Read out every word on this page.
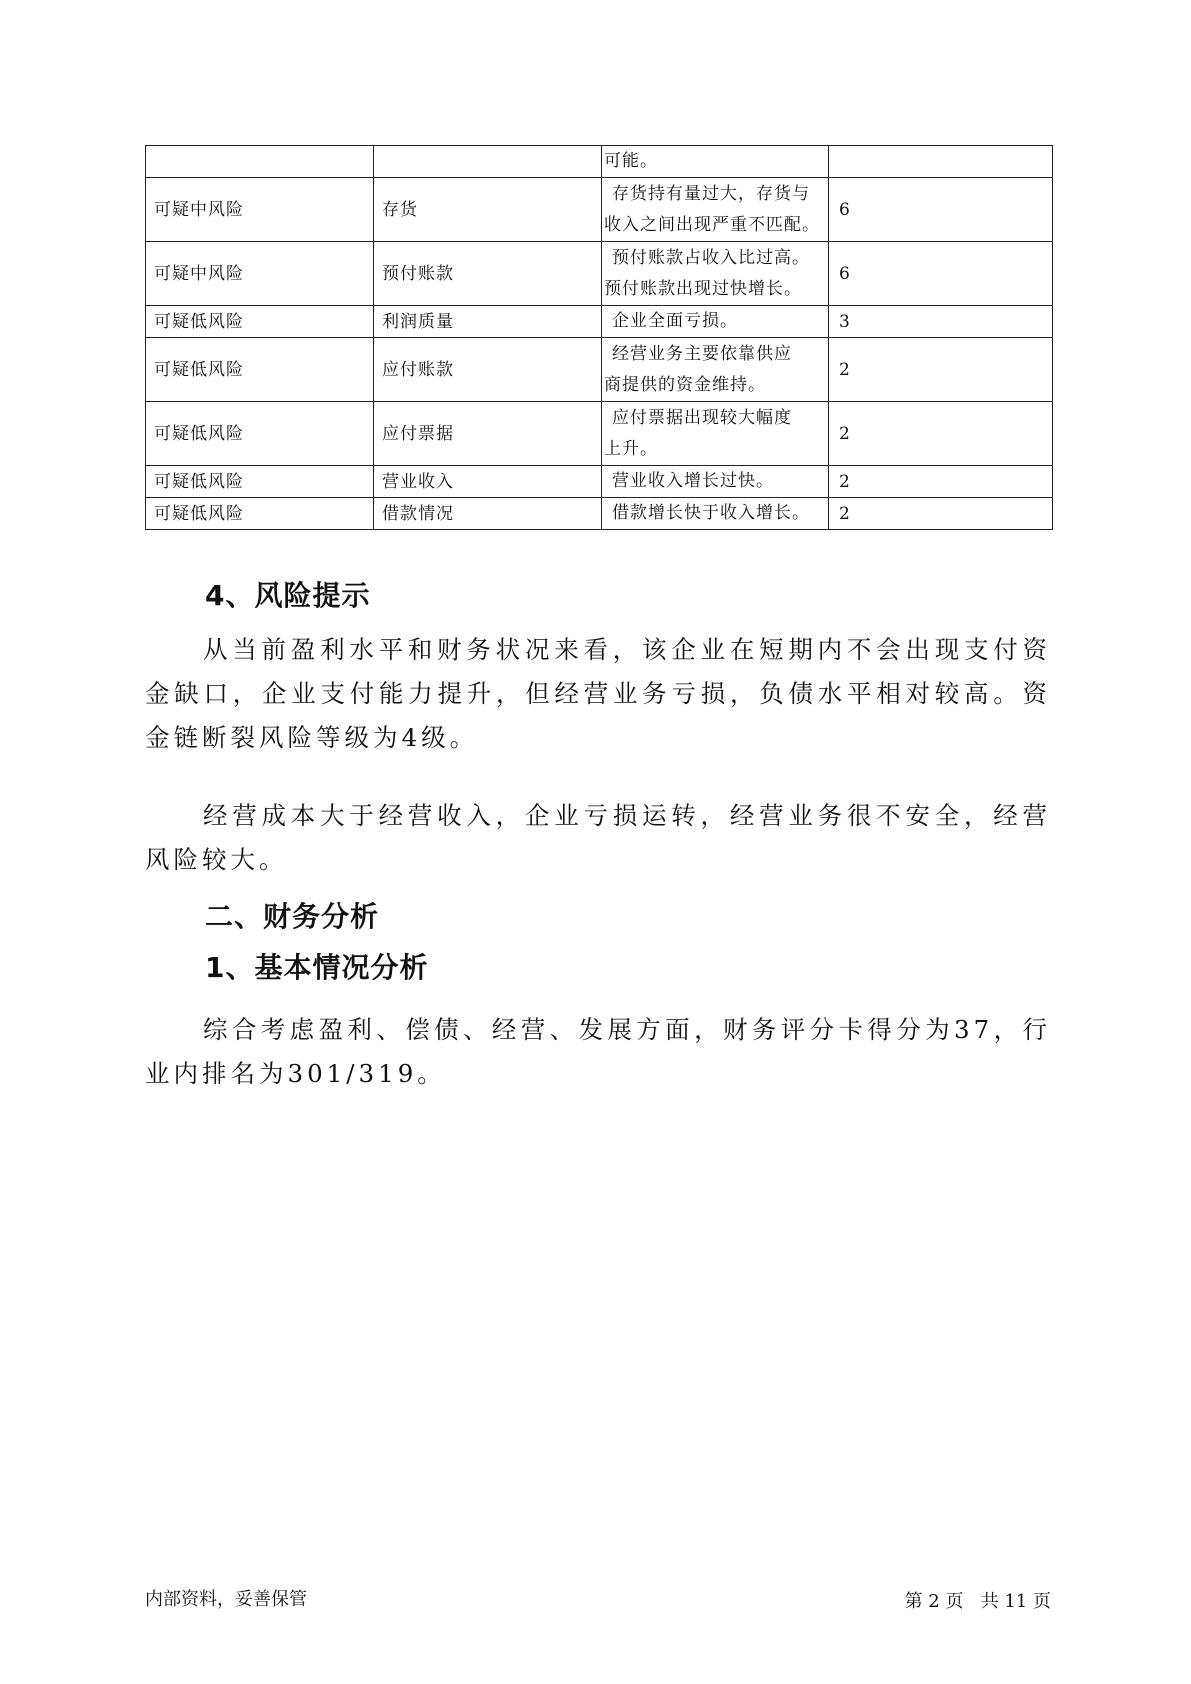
		可能。	
可疑中风险	存货	存货持有量过大，存货与
收入之间出现严重不匹配。	6
可疑中风险	预付账款	预付账款占收入比过高。
预付账款出现过快增长。	6
可疑低风险	利润质量	企业全面亏损。	3
可疑低风险	应付账款	经营业务主要依靠供应
商提供的资金维持。	2
可疑低风险	应付票据	应付票据出现较大幅度
上升。	2
可疑低风险	营业收入	营业收入增长过快。	2
可疑低风险	借款情况	借款增长快于收入增长。	2
4、风险提示

从当前盈利水平和财务状况来看，该企业在短期内不会出现支付资金缺口，企业支付能力提升，但经营业务亏损，负债水平相对较高。资金链断裂风险等级为4级。

经营成本大于经营收入，企业亏损运转，经营业务很不安全，经营风险较大。

二、财务分析
1、基本情况分析

综合考虑盈利、偿债、经营、发展方面，财务评分卡得分为37，行业内排名为301/319。

内部资料，妥善保管	第 2 页   共 11 页
